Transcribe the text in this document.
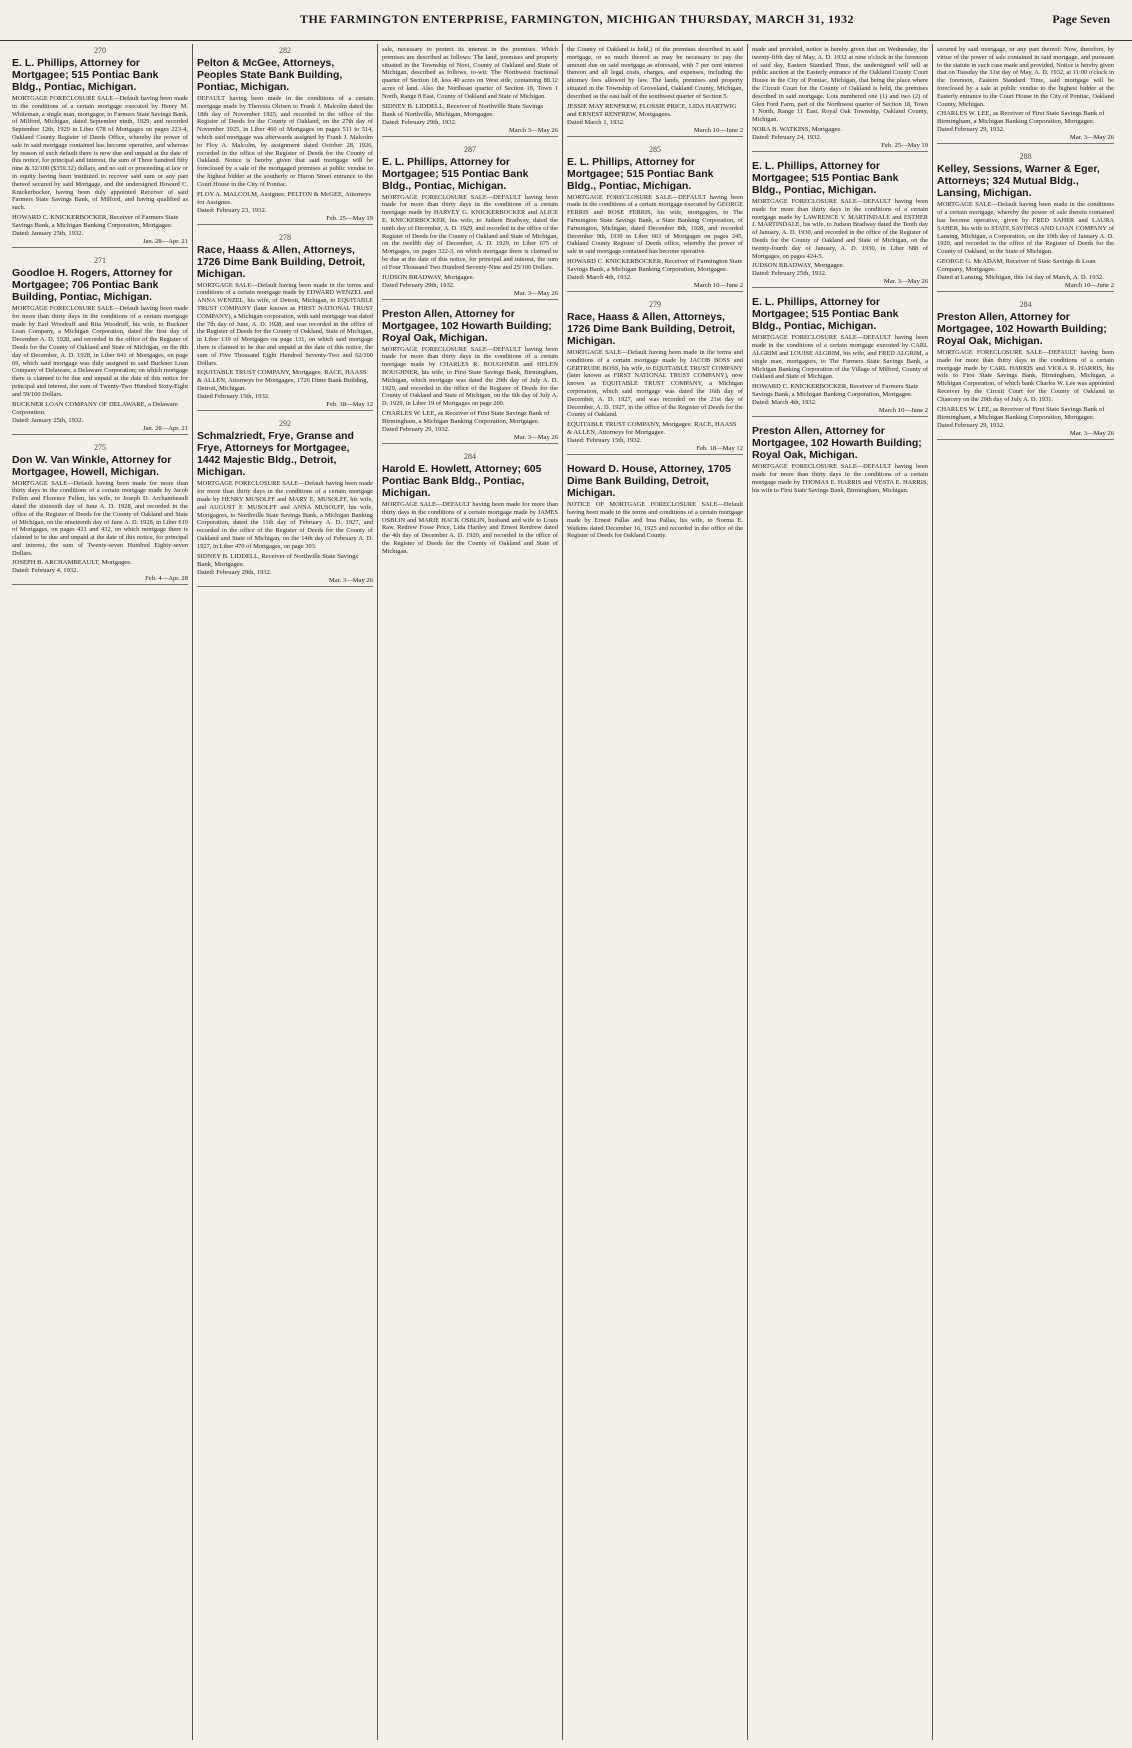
THE FARMINGTON ENTERPRISE, FARMINGTON, MICHIGAN THURSDAY, MARCH 31, 1932	Page Seven
270
E. L. Phillips, Attorney for Mortgagee; 515 Pontiac Bank Bldg., Pontiac, Michigan.
MORTGAGE FORECLOSURE SALE—Default having been made in the conditions of a certain mortgage executed by Henry M. Whiteman, a single man, mortgagor, to Farmers State Savings Bank, of Milford, Michigan, dated September ninth, 1929, and recorded September 12th, 1929 in Liber 678 of Mortgages on pages 223-4, Oakland County Register of Deeds Office, whereby the power of sale in said mortgage contained has become operative, and whereas by reason of such default there is now due and unpaid at the date of this notice, for principal and interest, the sum of Three hundred fifty nine & 32/100 ($359.32) dollars, and no suit or proceeding at law or in equity having been instituted to recover said sum or any part thereof secured by said Mortgage, and the undersigned Howard C. Knickerbocker, having been duly appointed Receiver of said Farmers State Savings Bank, of Milford, and having qualified as such.
HOWARD C. KNICKERBOCKER, Receiver of Farmers State Savings Bank, a Michigan Banking Corporation, Mortgagee.
Dated: January 25th, 1932.
Jan. 28—Apr. 21
271
Goodloe H. Rogers, Attorney for Mortgagee; 706 Pontiac Bank Building, Pontiac, Michigan.
MORTGAGE FORECLOSURE SALE—Default having been made for more than thirty days in the conditions of a certain mortgage made by Earl Woodruff and Rita Woodruff, his wife, to Buckner Loan Company, a Michigan Corporation, dated the first day of December A. D. 1928, and recorded in the office of the Register of Deeds for the County of Oakland and State of Michigan, on the 8th day of December, A. D. 1928, in Liber 641 of Mortgages, on page 69, which said mortgage was duly assigned to said Buckner Loan Company of Delaware, a Delaware Corporation; on which mortgage there is claimed to be due and unpaid at the date of this notice for principal and interest, the sum of Twenty-Two Hundred Sixty-Eight and 59/100 Dollars.
BUCKNER LOAN COMPANY OF DELAWARE, a Delaware Corporation.
Dated: January 25th, 1932.
Jan. 28—Apr. 21
275
Don W. Van Winkle, Attorney for Mortgagee, Howell, Michigan.
MORTGAGE SALE—Default having been made for more than thirty days in the conditions of a certain mortgage made by Jacob Fellen and Florence Fellen, his wife, to Joseph D. Archambeault dated the sixteenth day of June A. D. 1928, and recorded in the office of the Register of Deeds for the County of Oakland and State of Michigan, on the nineteenth day of June A. D. 1928, in Liber 619 of Mortgages, on pages 431 and 432, on which mortgage there is claimed to be due and unpaid at the date of this notice, for principal and interest, the sum of Twenty-seven Hundred Eighty-seven Dollars.
JOSEPH B. ARCHAMBEAULT, Mortgagee.
Dated: February 4, 1932.
Feb. 4—Apr. 28
282
Pelton & McGee, Attorneys, Peoples State Bank Building, Pontiac, Michigan.
DEFAULT having been made in the conditions of a certain mortgage made by Theresia Olrisen to Frank J. Malcolm dated the 18th day of November 1925, and recorded in the office of the Register of Deeds for the County of Oakland, on the 27th day of November 1925, in Liber 460 of Mortgages on pages 511 to 514, which said mortgage was afterwards assigned by Frank J. Malcolm to Floy A. Malcolm, by assignment dated October 28, 1926, recorded in the office of the Register of Deeds for the County of Oakland. Notice is hereby given that said mortgage will be foreclosed by a sale of the mortgaged premises at public vendue to the highest bidder at the southerly or Huron Street entrance to the Court House in the City of Pontiac.
FLOY A. MALCOLM, Assignee. PELTON & McGEE, Attorneys for Assignee.
Dated: February 23, 1932.
Feb. 25—May 19
278
Race, Haass & Allen, Attorneys, 1726 Dime Bank Building, Detroit, Michigan.
MORTGAGE SALE—Default having been made in the terms and conditions of a certain mortgage made by EDWARD WENZEL and ANNA WENZEL, his wife, of Detroit, Michigan, to EQUITABLE TRUST COMPANY (later known as FIRST NATIONAL TRUST COMPANY), a Michigan corporation, with said mortgage was dated the 7th day of June, A. D. 1928, and was recorded in the office of the Register of Deeds for the County of Oakland, State of Michigan, in Liber 139 of Mortgages on page 131, on which said mortgage there is claimed to be due and unpaid at the date of this notice, the sum of Five Thousand Eight Hundred Seventy-Two and 62/100 Dollars.
EQUITABLE TRUST COMPANY, Mortgagee. RACE, HAASS & ALLEN, Attorneys for Mortgagee, 1726 Dime Bank Building, Detroit, Michigan.
Dated February 15th, 1932.
Feb. 18—May 12
292
Schmalzriedt, Frye, Granse and Frye, Attorneys for Mortgagee, 1442 Majestic Bldg., Detroit, Michigan.
MORTGAGE FORECLOSURE SALE—Default having been made for more than thirty days in the conditions of a certain mortgage made by HENRY MUSOLFF and MARY E. MUSOLFF, his wife, and AUGUST F. MUSOLFF and ANNA MUSOLFF, his wife, Mortgagors, to Northville State Savings Bank, a Michigan Banking Corporation, dated the 11th day of February A. D. 1927, and recorded in the office of the Register of Deeds for the County of Oakland and State of Michigan, on the 14th day of February A. D. 1927, in Liber 470 of Mortgages, on page 303.
SIDNEY B. LIDDELL, Receiver of Northville State Savings Bank, Mortgagee.
Dated: February 29th, 1932.
Mar. 3—May 26
sale, necessary to protect its interest in the premises. Which premises are described as follows: The land, premises and property situated in the Township of Novi, County of Oakland and State of Michigan, described as follows, to-wit: The Northwest fractional quarter of Section 18, less 40 acres on West side, containing 88.12 acres of land. Also the Northeast quarter of Section 18, Town 1 North, Range 8 East, County of Oakland and State of Michigan.
SIDNEY B. LIDDELL, Receiver of Northville State Savings Bank of Northville, Michigan, Mortgagee.
Dated: February 29th, 1932.
March 3—May 26
287
E. L. Phillips, Attorney for Mortgagee; 515 Pontiac Bank Bldg., Pontiac, Michigan.
MORTGAGE FORECLOSURE SALE—DEFAULT having been made for more than thirty days in the conditions of a certain mortgage made by HARVEY G. KNICKERBOCKER and ALICE E. KNICKERBOCKER, his wife, to Judson Bradway, dated the ninth day of December, A. D. 1929, and recorded in the office of the Register of Deeds for the County of Oakland and State of Michigan, on the twelfth day of December, A. D. 1929, in Liber 675 of Mortgages, on pages 322-3, on which mortgage there is claimed to be due at the date of this notice, for principal and interest, the sum of Four Thousand Two Hundred Seventy-Nine and 25/100 Dollars.
JUDSON BRADWAY, Mortgagee.
Dated February 29th, 1932.
Mar. 3—May 26
Preston Allen, Attorney for Mortgagee, 102 Howarth Building; Royal Oak, Michigan.
MORTGAGE FORECLOSURE SALE—DEFAULT having been made for more than thirty days in the conditions of a certain mortgage made by CHARLES R. BOUGHNER and HELEN BOUGHNER, his wife, to First State Savings Bank, Birmingham, Michigan, which mortgage was dated the 29th day of July A. D. 1929, and recorded in the office of the Register of Deeds for the County of Oakland and State of Michigan, on the 6th day of July A. D. 1929, in Liber 19 of Mortgages on page 200.
CHARLES W. LEE, as Receiver of First State Savings Bank of Birmingham, a Michigan Banking Corporation, Mortgagee.
Dated February 29, 1932.
Mar. 3—May 26
284
Harold E. Howlett, Attorney; 605 Pontiac Bank Bldg., Pontiac, Michigan.
MORTGAGE SALE—DEFAULT having been made for more than thirty days in the conditions of a certain mortgage made by JAMES OSBLIN and MARIE HACK OSBLIN, husband and wife to Louis Raw, Redrew Fosse Price, Lida Hartley and Ernest Renfrew dated the 4th day of December A. D. 1920, and recorded in the office of the Register of Deeds for the County of Oakland and State of Michigan.
the County of Oakland is held,) of the premises described in said mortgage, or so much thereof as may be necessary to pay the amount due on said mortgage as aforesaid, with 7 per cent interest thereon and all legal costs, charges, and expenses, including the attorney fees allowed by law. The lands, premises and property situated in the Township of Groveland, Oakland County, Michigan, described as the east half of the southwest quarter of Section 5.
JESSIE MAY RENFREW, FLOSSIE PRICE, LIDA HARTWIG and ERNEST RENFREW, Mortgagees.
Dated March 1, 1932.
March 10—June 2
285
E. L. Phillips, Attorney for Mortgagee; 515 Pontiac Bank Bldg., Pontiac, Michigan.
MORTGAGE FORECLOSURE SALE—DEFAULT having been made in the conditions of a certain mortgage executed by GEORGE FERRIS and ROSE FERRIS, his wife, mortgagors, to The Farmington State Savings Bank, a State Banking Corporation, of Farmington, Michigan, dated December 8th, 1928, and recorded December 9th, 1930 in Liber 663 of Mortgages on pages 245, Oakland County Register of Deeds office, whereby the power of sale in said mortgage contained has become operative.
HOWARD C. KNICKERBOCKER, Receiver of Farmington State Savings Bank, a Michigan Banking Corporation, Mortgagee.
Dated: March 4th, 1932.
March 10—June 2
279
Race, Haass & Allen, Attorneys, 1726 Dime Bank Building, Detroit, Michigan.
MORTGAGE SALE—Default having been made in the terms and conditions of a certain mortgage made by JACOB BOSS and GERTRUDE BOSS, his wife, to EQUITABLE TRUST COMPANY (later known as FIRST NATIONAL TRUST COMPANY), now known as EQUITABLE TRUST COMPANY, a Michigan corporation, which said mortgage was dated the 16th day of December, A. D. 1927, and was recorded on the 21st day of December, A. D. 1927, in the office of the Register of Deeds for the County of Oakland.
EQUITABLE TRUST COMPANY, Mortgagee. RACE, HAASS & ALLEN, Attorneys for Mortgagee.
Dated: February 15th, 1932.
Feb. 18—May 12
Howard D. House, Attorney, 1705 Dime Bank Building, Detroit, Michigan.
NOTICE OF MORTGAGE FORECLOSURE SALE—Default having been made in the terms and conditions of a certain mortgage made by Ernest Pallas and Ima Pallas, his wife, to Norma E. Watkins dated December 16, 1925 and recorded in the office of the Register of Deeds for Oakland County.
made and provided, notice is hereby given that on Wednesday, the twenty-fifth day of May, A. D. 1932 at nine o'clock in the forenoon of said day, Eastern Standard Time, the undersigned will sell at public auction at the Easterly entrance of the Oakland County Court House in the City of Pontiac, Michigan, that being the place where the Circuit Court for the County of Oakland is held, the premises described in said mortgage. Lots numbered one (1) and two (2) of Glen Ford Farm, part of the Northwest quarter of Section 18, Town 1 North, Range 11 East, Royal Oak Township, Oakland County, Michigan.
NORA B. WATKINS, Mortgagee.
Dated: February 24, 1932.
Feb. 25—May 19
E. L. Phillips, Attorney for Mortgagee; 515 Pontiac Bank Bldg., Pontiac, Michigan.
MORTGAGE FORECLOSURE SALE—DEFAULT having been made for more than thirty days in the conditions of a certain mortgage made by LAWRENCE V. MARTINDALE and ESTHER J. MARTINDALE, his wife, to Judson Bradway dated the Tenth day of January, A. D. 1930, and recorded in the office of the Register of Deeds for the County of Oakland and State of Michigan, on the twenty-fourth day of January, A. D. 1930, in Liber 688 of Mortgages, on pages 424-5.
JUDSON BRADWAY, Mortgagee.
Dated: February 25th, 1932.
Mar. 3—May 26
E. L. Phillips, Attorney for Mortgagee; 515 Pontiac Bank Bldg., Pontiac, Michigan.
MORTGAGE FORECLOSURE SALE—DEFAULT having been made in the conditions of a certain mortgage executed by CARL ALGRIM and LOUISE ALGRIM, his wife, and FRED ALGRIM, a single man, mortgagors, to The Farmers State Savings Bank, a Michigan Banking Corporation of the Village of Milford, County of Oakland and State of Michigan.
HOWARD C. KNICKERBOCKER, Receiver of Farmers State Savings Bank, a Michigan Banking Corporation, Mortgagee.
Dated: March 4th, 1932.
March 10—June 2
Preston Allen, Attorney for Mortgagee, 102 Howarth Building; Royal Oak, Michigan.
MORTGAGE FORECLOSURE SALE—DEFAULT having been made for more than thirty days in the conditions of a certain mortgage made by THOMAS E. HARRIS and VESTA E. HARRIS, his wife to First State Savings Bank, Birmingham, Michigan.
secured by said mortgage, or any part thereof: Now, therefore, by virtue of the power of sale contained in said mortgage, and pursuant to the statute in such case made and provided, Notice is hereby given that on Tuesday the 31st day of May, A. D. 1932, at 11:00 o'clock in the forenoon, Eastern Standard Time, said mortgage will be foreclosed by a sale at public vendue to the highest bidder at the Easterly entrance to the Court House in the City of Pontiac, Oakland County, Michigan.
CHARLES W. LEE, as Receiver of First State Savings Bank of Birmingham, a Michigan Banking Corporation, Mortgagee.
Dated February 29, 1932.
Mar. 3—May 26
288
Kelley, Sessions, Warner & Eger, Attorneys; 324 Mutual Bldg., Lansing, Michigan.
MORTGAGE SALE—Default having been made in the conditions of a certain mortgage, whereby the power of sale therein contained has become operative, given by FRED SAHER and LAURA SAHER, his wife to STATE SAVINGS AND LOAN COMPANY of Lansing, Michigan, a Corporation, on the 10th day of January A. D. 1920, and recorded in the office of the Register of Deeds for the County of Oakland, in the State of Michigan.
GEORGE G. McADAM, Receiver of State Savings & Loan Company, Mortgagee.
Dated at Lansing, Michigan, this 1st day of March, A. D. 1932.
March 10—June 2
284
Preston Allen, Attorney for Mortgagee, 102 Howarth Building; Royal Oak, Michigan.
MORTGAGE FORECLOSURE SALE—DEFAULT having been made for more than thirty days in the conditions of a certain mortgage made by CARL HARRIS and VIOLA R. HARRIS, his wife to First State Savings Bank, Birmingham, Michigan, a Michigan Corporation, of which bank Charles W. Lee was appointed Receiver by the Circuit Court for the County of Oakland in Chancery on the 29th day of July A. D. 1931.
CHARLES W. LEE, as Receiver of First State Savings Bank of Birmingham, a Michigan Banking Corporation, Mortgagee.
Dated February 29, 1932.
Mar. 3—May 26
